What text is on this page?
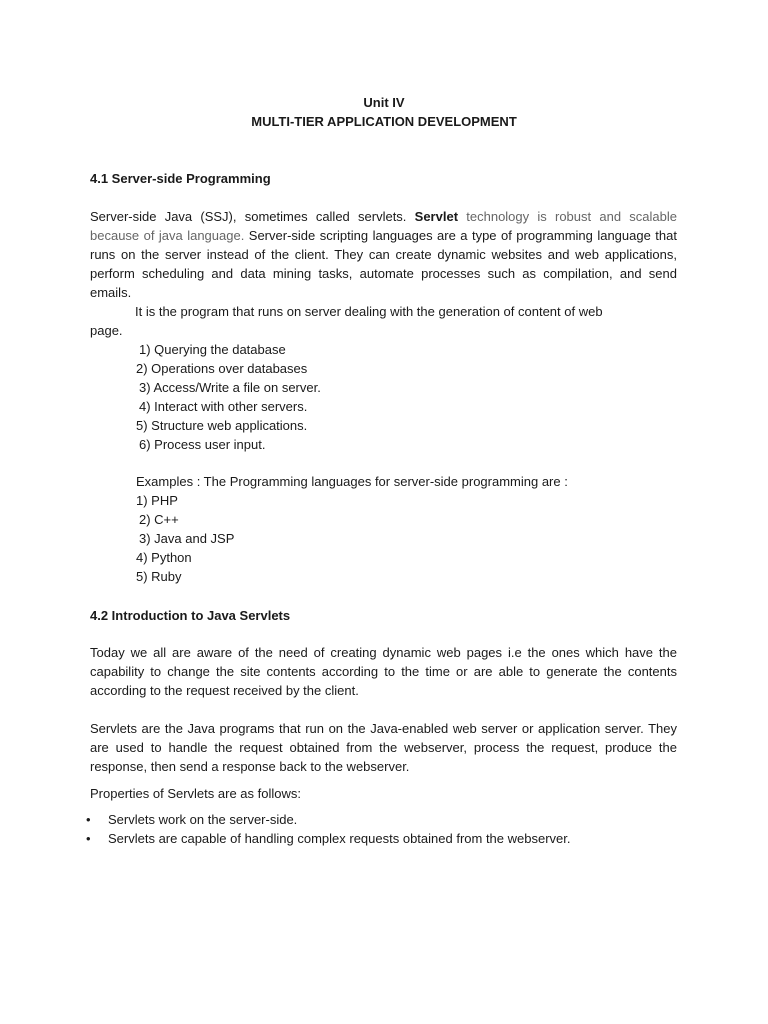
Unit IV
MULTI-TIER APPLICATION DEVELOPMENT
4.1 Server-side Programming
Server-side Java (SSJ), sometimes called servlets. Servlet technology is robust and scalable because of java language. Server-side scripting languages are a type of programming language that runs on the server instead of the client. They can create dynamic websites and web applications, perform scheduling and data mining tasks, automate processes such as compilation, and send emails.
It is the program that runs on server dealing with the generation of content of web
page.
1) Querying the database
2) Operations over databases
3) Access/Write a file on server.
4) Interact with other servers.
5) Structure web applications.
6) Process user input.
Examples : The Programming languages for server-side programming are :
1) PHP
2) C++
3) Java and JSP
4) Python
5) Ruby
4.2 Introduction to Java Servlets
Today we all are aware of the need of creating dynamic web pages i.e the ones which have the capability to change the site contents according to the time or are able to generate the contents according to the request received by the client.
Servlets are the Java programs that run on the Java-enabled web server or application server. They are used to handle the request obtained from the webserver, process the request, produce the response, then send a response back to the webserver.
Properties of Servlets are as follows:
• Servlets work on the server-side.
• Servlets are capable of handling complex requests obtained from the webserver.
